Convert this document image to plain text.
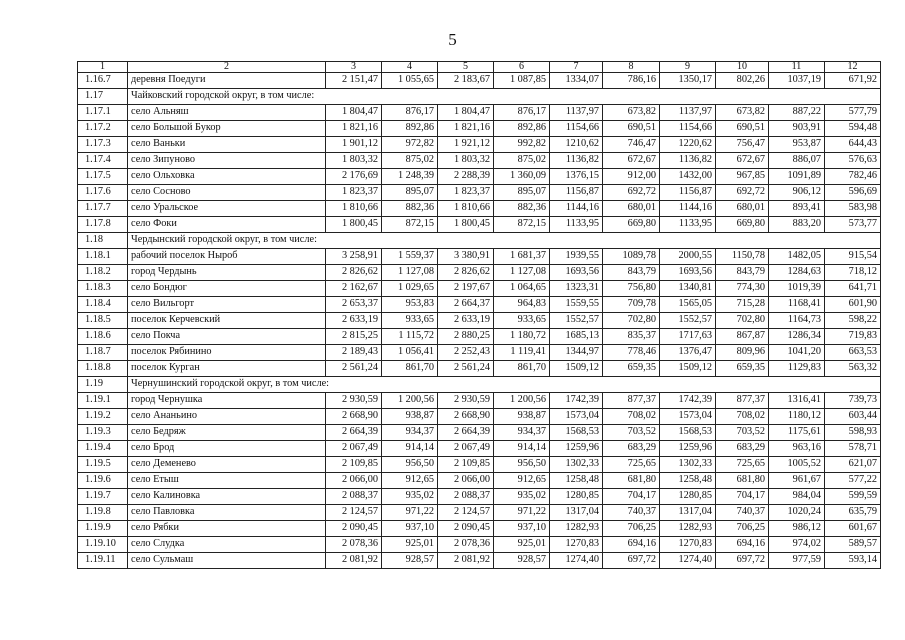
5
1	2	3	4	5	6	7	8	9	10	11	12
1.16.7	деревня Поедуги	2 151,47	1 055,65	2 183,67	1 087,85	1334,07	786,16	1350,17	802,26	1037,19	671,92
1.17	Чайковский городской округ, в том числе:										
1.17.1	село Альняш	1 804,47	876,17	1 804,47	876,17	1137,97	673,82	1137,97	673,82	887,22	577,79
1.17.2	село Большой Букор	1 821,16	892,86	1 821,16	892,86	1154,66	690,51	1154,66	690,51	903,91	594,48
1.17.3	село Ваньки	1 901,12	972,82	1 921,12	992,82	1210,62	746,47	1220,62	756,47	953,87	644,43
1.17.4	село Зипуново	1 803,32	875,02	1 803,32	875,02	1136,82	672,67	1136,82	672,67	886,07	576,63
1.17.5	село Ольховка	2 176,69	1 248,39	2 288,39	1 360,09	1376,15	912,00	1432,00	967,85	1091,89	782,46
1.17.6	село Сосново	1 823,37	895,07	1 823,37	895,07	1156,87	692,72	1156,87	692,72	906,12	596,69
1.17.7	село Уральское	1 810,66	882,36	1 810,66	882,36	1144,16	680,01	1144,16	680,01	893,41	583,98
1.17.8	село Фоки	1 800,45	872,15	1 800,45	872,15	1133,95	669,80	1133,95	669,80	883,20	573,77
1.18	Чердынский городской округ, в том числе:										
1.18.1	рабочий поселок Ныроб	3 258,91	1 559,37	3 380,91	1 681,37	1939,55	1089,78	2000,55	1150,78	1482,05	915,54
1.18.2	город Чердынь	2 826,62	1 127,08	2 826,62	1 127,08	1693,56	843,79	1693,56	843,79	1284,63	718,12
1.18.3	село Бондюг	2 162,67	1 029,65	2 197,67	1 064,65	1323,31	756,80	1340,81	774,30	1019,39	641,71
1.18.4	село Вильгорт	2 653,37	953,83	2 664,37	964,83	1559,55	709,78	1565,05	715,28	1168,41	601,90
1.18.5	поселок Керчевский	2 633,19	933,65	2 633,19	933,65	1552,57	702,80	1552,57	702,80	1164,73	598,22
1.18.6	село Покча	2 815,25	1 115,72	2 880,25	1 180,72	1685,13	835,37	1717,63	867,87	1286,34	719,83
1.18.7	поселок Рябинино	2 189,43	1 056,41	2 252,43	1 119,41	1344,97	778,46	1376,47	809,96	1041,20	663,53
1.18.8	поселок Курган	2 561,24	861,70	2 561,24	861,70	1509,12	659,35	1509,12	659,35	1129,83	563,32
1.19	Чернушинский городской округ, в том числе:										
1.19.1	город Чернушка	2 930,59	1 200,56	2 930,59	1 200,56	1742,39	877,37	1742,39	877,37	1316,41	739,73
1.19.2	село Ананьино	2 668,90	938,87	2 668,90	938,87	1573,04	708,02	1573,04	708,02	1180,12	603,44
1.19.3	село Бедряж	2 664,39	934,37	2 664,39	934,37	1568,53	703,52	1568,53	703,52	1175,61	598,93
1.19.4	село Брод	2 067,49	914,14	2 067,49	914,14	1259,96	683,29	1259,96	683,29	963,16	578,71
1.19.5	село Деменево	2 109,85	956,50	2 109,85	956,50	1302,33	725,65	1302,33	725,65	1005,52	621,07
1.19.6	село Етыш	2 066,00	912,65	2 066,00	912,65	1258,48	681,80	1258,48	681,80	961,67	577,22
1.19.7	село Калиновка	2 088,37	935,02	2 088,37	935,02	1280,85	704,17	1280,85	704,17	984,04	599,59
1.19.8	село Павловка	2 124,57	971,22	2 124,57	971,22	1317,04	740,37	1317,04	740,37	1020,24	635,79
1.19.9	село Рябки	2 090,45	937,10	2 090,45	937,10	1282,93	706,25	1282,93	706,25	986,12	601,67
1.19.10	село Слудка	2 078,36	925,01	2 078,36	925,01	1270,83	694,16	1270,83	694,16	974,02	589,57
1.19.11	село Сульмаш	2 081,92	928,57	2 081,92	928,57	1274,40	697,72	1274,40	697,72	977,59	593,14
